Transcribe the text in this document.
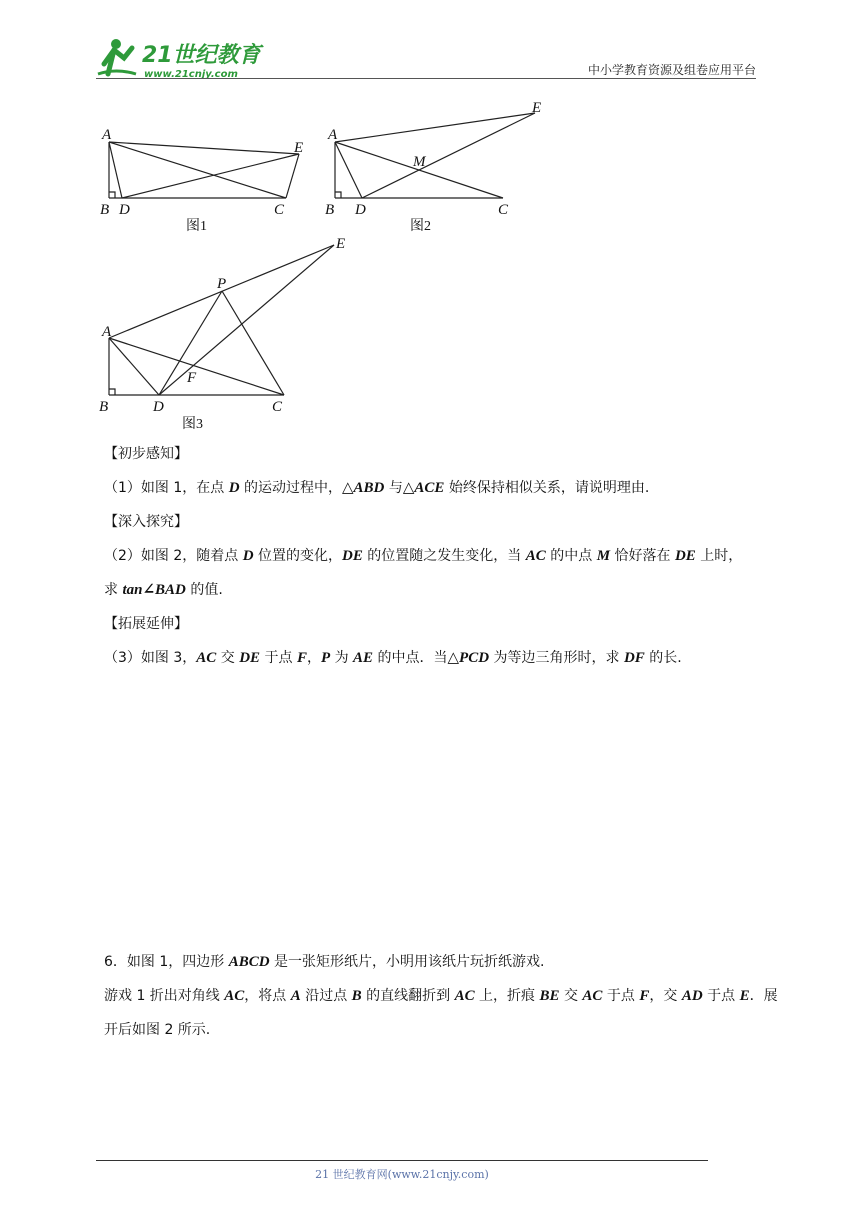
21世纪教育
www.21cnjy.com	中小学教育资源及组卷应用平台
A
B D	C
E
图1
A
B D	C
E
M
图2
A
B	D	C
E
P
F
图3
【初步感知】
（1）如图 1，在点 D 的运动过程中，△ABD 与△ACE 始终保持相似关系，请说明理由.
【深入探究】
（2）如图 2，随着点 D 位置的变化，DE 的位置随之发生变化，当 AC 的中点 M 恰好落在 DE 上时，
求 tan∠BAD 的值.
【拓展延伸】
（3）如图 3，AC 交 DE 于点 F，P 为 AE 的中点．当△PCD 为等边三角形时，求 DF 的长.
6．如图 1，四边形 ABCD 是一张矩形纸片，小明用该纸片玩折纸游戏.
游戏 1 折出对角线 AC，将点 A 沿过点 B 的直线翻折到 AC 上，折痕 BE 交 AC 于点 F，交 AD 于点 E．展
开后如图 2 所示.
21 世纪教育网(www.21cnjy.com)
